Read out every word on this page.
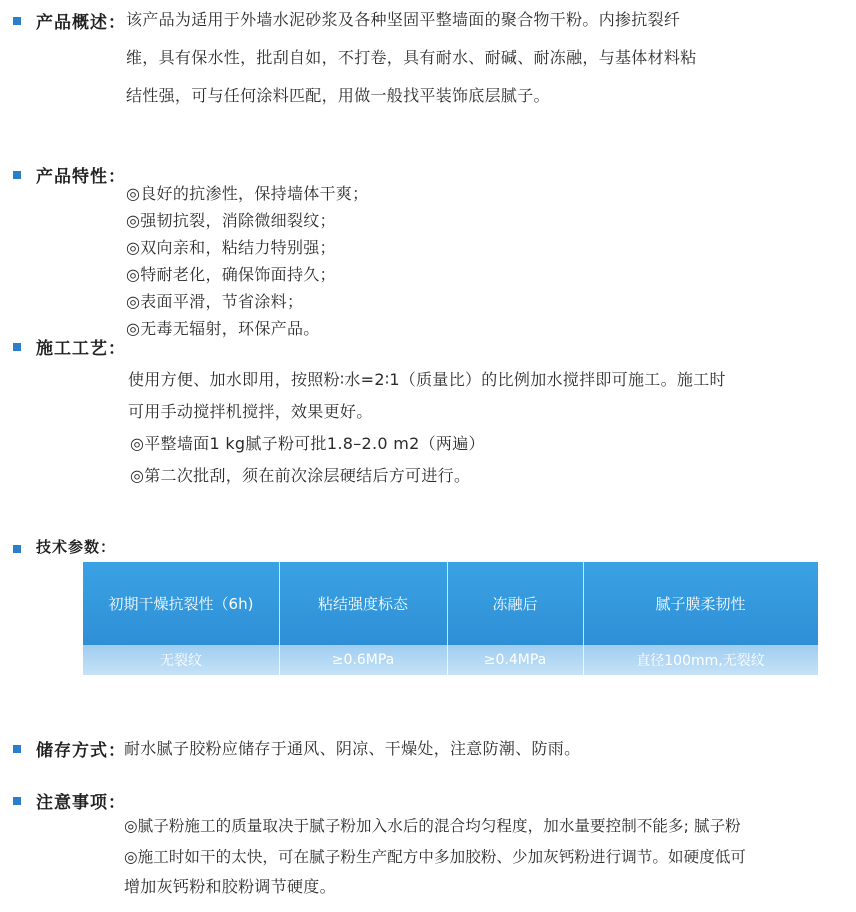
产品概述： 该产品为适用于外墙水泥砂浆及各种坚固平整墙面的聚合物干粉。内掺抗裂纤
维，具有保水性，批刮自如，不打卷，具有耐水、耐碱、耐冻融，与基体材料粘
结性强，可与任何涂料匹配，用做一般找平装饰底层腻子。
产品特性：
◎良好的抗渗性，保持墙体干爽；
◎强韧抗裂，消除微细裂纹；
◎双向亲和，粘结力特别强；
◎特耐老化，确保饰面持久；
◎表面平滑，节省涂料；
◎无毒无辐射，环保产品。
施工工艺：
使用方便、加水即用，按照粉∶水=2∶1（质量比）的比例加水搅拌即可施工。施工时
可用手动搅拌机搅拌，效果更好。
◎平整墙面1 kg腻子粉可批1.8–2.0 m2（两遍）
◎第二次批刮，须在前次涂层硬结后方可进行。
技术参数：
初期干燥抗裂性（6h)	粘结强度标态	冻融后	腻子膜柔韧性
无裂纹	≥0.6MPa	≥0.4MPa	直径100mm,无裂纹
储存方式：
耐水腻子胶粉应储存于通风、阴凉、干燥处，注意防潮、防雨。
注意事项：
◎腻子粉施工的质量取决于腻子粉加入水后的混合均匀程度，加水量要控制不能多; 腻子粉
◎施工时如干的太快，可在腻子粉生产配方中多加胶粉、少加灰钙粉进行调节。如硬度低可
增加灰钙粉和胶粉调节硬度。
